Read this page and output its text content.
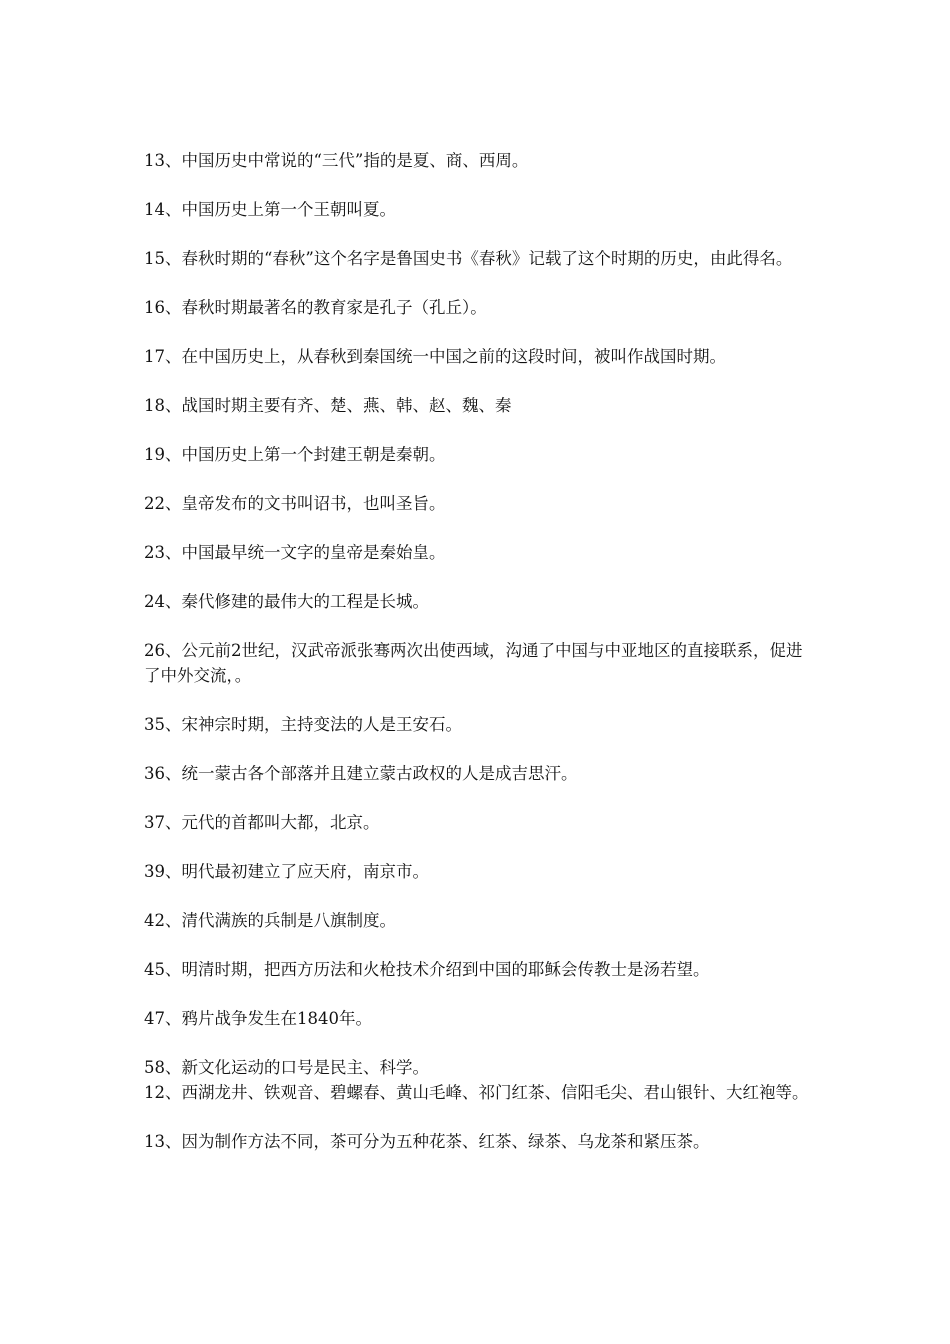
13、中国历史中常说的“三代”指的是夏、商、西周。

14、中国历史上第一个王朝叫夏。

15、春秋时期的“春秋”这个名字是鲁国史书《春秋》记载了这个时期的历史，由此得名。

16、春秋时期最著名的教育家是孔子（孔丘）。

17、在中国历史上，从春秋到秦国统一中国之前的这段时间，被叫作战国时期。

18、战国时期主要有齐、楚、燕、韩、赵、魏、秦

19、中国历史上第一个封建王朝是秦朝。

22、皇帝发布的文书叫诏书，也叫圣旨。

23、中国最早统一文字的皇帝是秦始皇。

24、秦代修建的最伟大的工程是长城。

26、公元前2世纪，汉武帝派张骞两次出使西域，沟通了中国与中亚地区的直接联系，促进了中外交流，。

35、宋神宗时期，主持变法的人是王安石。

36、统一蒙古各个部落并且建立蒙古政权的人是成吉思汗。

37、元代的首都叫大都，北京。

39、明代最初建立了应天府，南京市。

42、清代满族的兵制是八旗制度。

45、明清时期，把西方历法和火枪技术介绍到中国的耶稣会传教士是汤若望。

47、鸦片战争发生在1840年。

58、新文化运动的口号是民主、科学。

12、西湖龙井、铁观音、碧螺春、黄山毛峰、祁门红茶、信阳毛尖、君山银针、大红袍等。

13、因为制作方法不同，茶可分为五种花茶、红茶、绿茶、乌龙茶和紧压茶。
